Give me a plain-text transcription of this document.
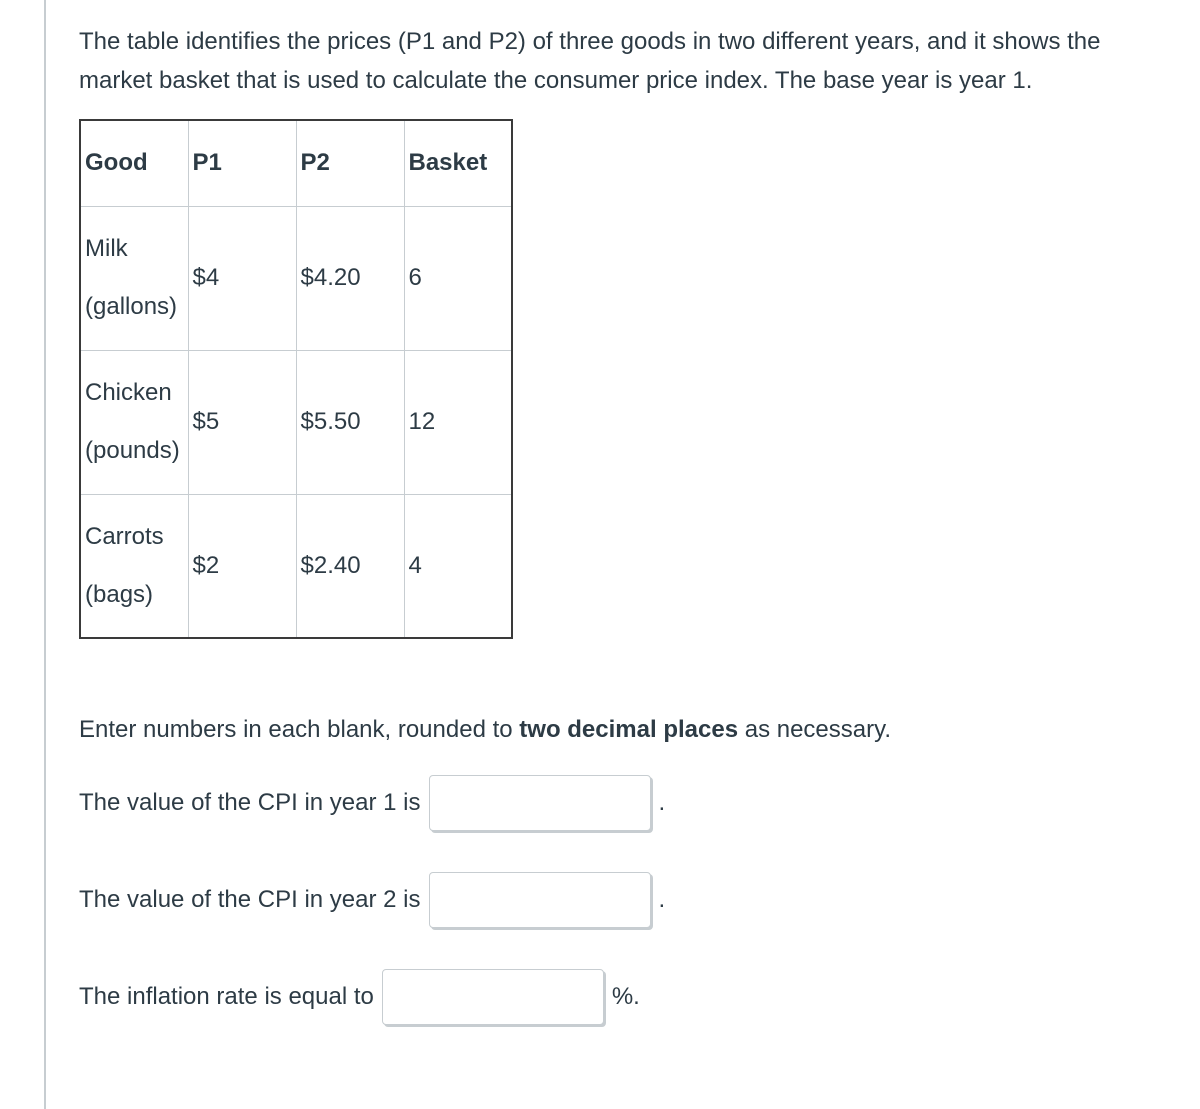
The table identifies the prices (P1 and P2) of three goods in two different years, and it shows the market basket that is used to calculate the consumer price index. The base year is year 1.

Good	P1	P2	Basket

Milk
(gallons)	$4	$4.20	6

Chicken
(pounds)	$5	$5.50	12

Carrots
(bags)	$2	$2.40	4

Enter numbers in each blank, rounded to two decimal places as necessary.

The value of the CPI in year 1 is	.
The value of the CPI in year 2 is	.
The inflation rate is equal to	%.
